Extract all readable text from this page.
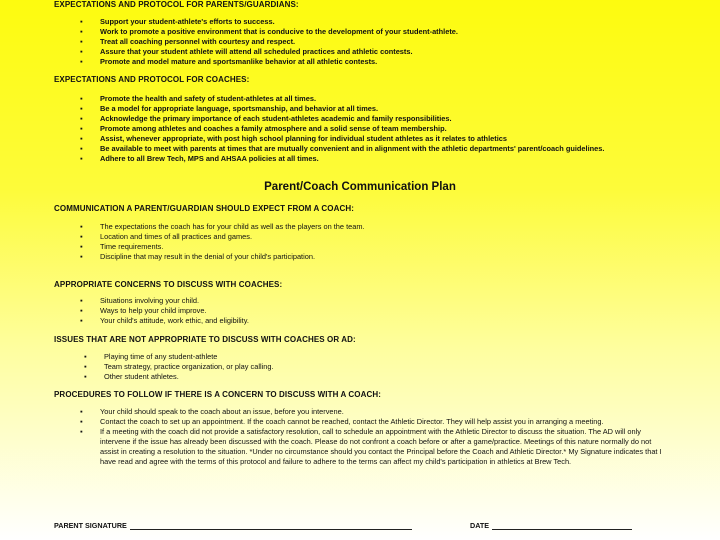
EXPECTATIONS AND PROTOCOL FOR PARENTS/GUARDIANS:
▪ Support your student-athlete's efforts to success.
▪ Work to promote a positive environment that is conducive to the development of your student-athlete.
▪ Treat all coaching personnel with courtesy and respect.
▪ Assure that your student athlete will attend all scheduled practices and athletic contests.
▪ Promote and model mature and sportsmanlike behavior at all athletic contests.
EXPECTATIONS AND PROTOCOL FOR COACHES:
▪ Promote the health and safety of student-athletes at all times.
▪ Be a model for appropriate language, sportsmanship, and behavior at all times.
▪ Acknowledge the primary importance of each student-athletes academic and family responsibilities.
▪ Promote among athletes and coaches a family atmosphere and a solid sense of team membership.
▪ Assist, whenever appropriate, with post high school planning for individual student athletes as it relates to athletics
▪ Be available to meet with parents at times that are mutually convenient and in alignment with the athletic departments' parent/coach guidelines.
▪ Adhere to all Brew Tech, MPS and AHSAA policies at all times.
Parent/Coach Communication Plan
COMMUNICATION A PARENT/GUARDIAN SHOULD EXPECT FROM A COACH:
▪ The expectations the coach has for your child as well as the players on the team.
▪ Location and times of all practices and games.
▪ Time requirements.
▪ Discipline that may result in the denial of your child's participation.
APPROPRIATE CONCERNS TO DISCUSS WITH COACHES:
▪ Situations involving your child.
▪ Ways to help your child improve.
▪ Your child's attitude, work ethic, and eligibility.
ISSUES THAT ARE NOT APPROPRIATE TO DISCUSS WITH COACHES OR AD:
▪ Playing time of any student-athlete
▪ Team strategy, practice organization, or play calling.
▪ Other student athletes.
PROCEDURES TO FOLLOW IF THERE IS A CONCERN TO DISCUSS WITH A COACH:
▪ Your child should speak to the coach about an issue, before you intervene.
▪ Contact the coach to set up an appointment. If the coach cannot be reached, contact the Athletic Director. They will help assist you in arranging a meeting.
▪ If a meeting with the coach did not provide a satisfactory resolution, call to schedule an appointment with the Athletic Director to discuss the situation. The AD will only intervene if the issue has already been discussed with the coach. Please do not confront a coach before or after a game/practice. Meetings of this nature normally do not assist in creating a resolution to the situation. *Under no circumstance should you contact the Principal before the Coach and Athletic Director.* My Signature indicates that I have read and agree with the terms of this protocol and failure to adhere to the terms can affect my child's participation in athletics at Brew Tech.
PARENT SIGNATURE	DATE
